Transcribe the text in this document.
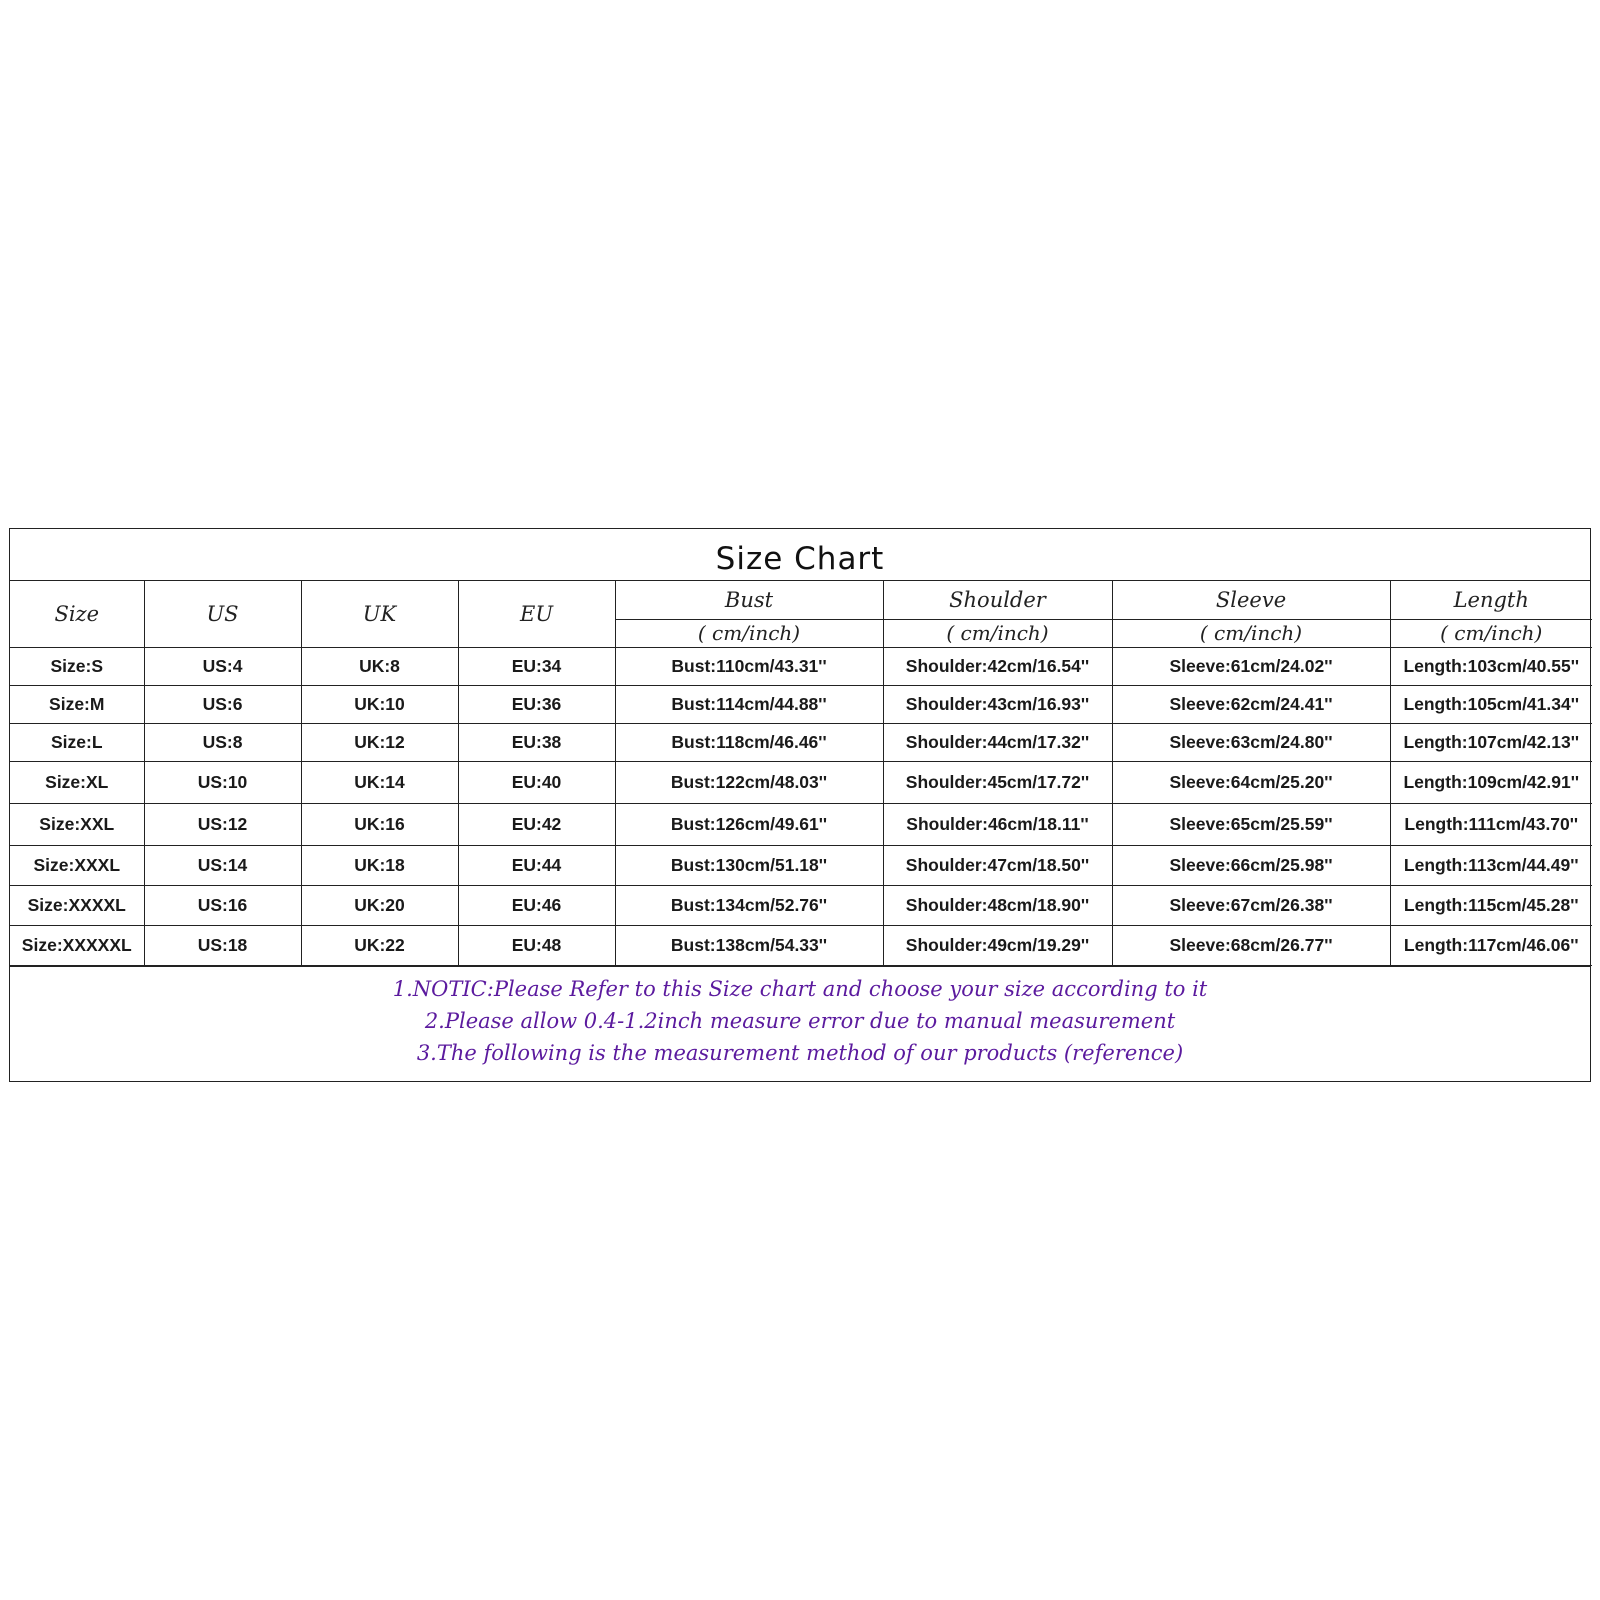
Size Chart
Size	US	UK	EU	Bust	Shoulder	Sleeve	Length
				( cm/inch)	( cm/inch)	( cm/inch)	( cm/inch)
Size:S	US:4	UK:8	EU:34	Bust:110cm/43.31''	Shoulder:42cm/16.54''	Sleeve:61cm/24.02''	Length:103cm/40.55''
Size:M	US:6	UK:10	EU:36	Bust:114cm/44.88''	Shoulder:43cm/16.93''	Sleeve:62cm/24.41''	Length:105cm/41.34''
Size:L	US:8	UK:12	EU:38	Bust:118cm/46.46''	Shoulder:44cm/17.32''	Sleeve:63cm/24.80''	Length:107cm/42.13''
Size:XL	US:10	UK:14	EU:40	Bust:122cm/48.03''	Shoulder:45cm/17.72''	Sleeve:64cm/25.20''	Length:109cm/42.91''
Size:XXL	US:12	UK:16	EU:42	Bust:126cm/49.61''	Shoulder:46cm/18.11''	Sleeve:65cm/25.59''	Length:111cm/43.70''
Size:XXXL	US:14	UK:18	EU:44	Bust:130cm/51.18''	Shoulder:47cm/18.50''	Sleeve:66cm/25.98''	Length:113cm/44.49''
Size:XXXXL	US:16	UK:20	EU:46	Bust:134cm/52.76''	Shoulder:48cm/18.90''	Sleeve:67cm/26.38''	Length:115cm/45.28''
Size:XXXXXL	US:18	UK:22	EU:48	Bust:138cm/54.33''	Shoulder:49cm/19.29''	Sleeve:68cm/26.77''	Length:117cm/46.06''
1.NOTIC:Please Refer to this Size chart and choose your size according to it
2.Please allow 0.4-1.2inch measure error due to manual measurement
3.The following is the measurement method of our products (reference)
